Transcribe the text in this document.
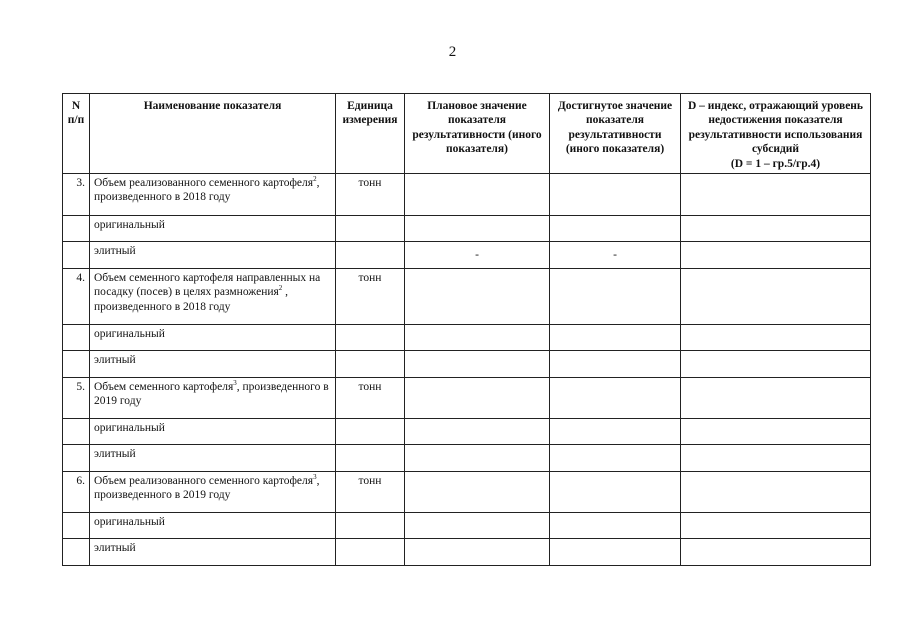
2
N п/п	Наименование показателя	Единица измерения	Плановое значение показателя результативности (иного показателя)	Достигнутое значение показателя результативности (иного показателя)	D – индекс, отражающий уровень недостижения показателя результативности использования субсидий
(D = 1 – гр.5/гр.4)
3.	Объем реализованного семенного картофеля$^2$, произведенного в 2018 году	тонн			
	оригинальный				
	элитный		-	-	
4.	Объем семенного картофеля направленных на посадку (посев) в целях размножения$^2$ , произведенного в 2018 году	тонн			
	оригинальный				
	элитный				
5.	Объем семенного картофеля$^3$, произведенного в 2019 году	тонн			
	оригинальный				
	элитный				
6.	Объем реализованного семенного картофеля$^3$, произведенного в 2019 году	тонн			
	оригинальный				
	элитный				
